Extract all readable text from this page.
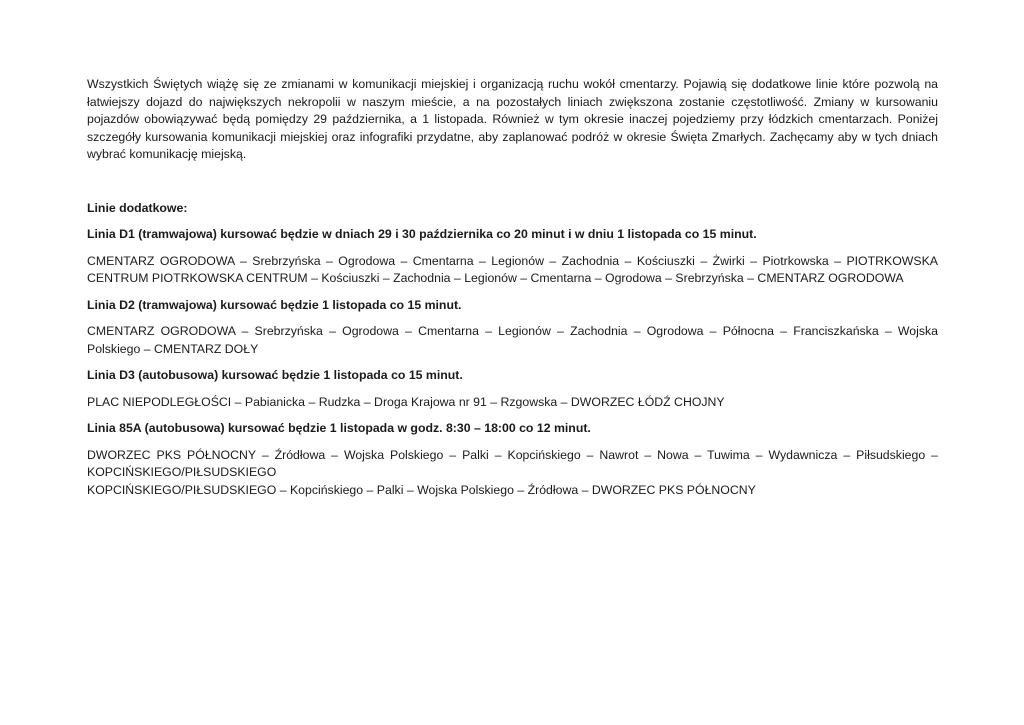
Wszystkich Świętych wiążę się ze zmianami w komunikacji miejskiej i organizacją ruchu wokół cmentarzy. Pojawią się dodatkowe linie które pozwolą na łatwiejszy dojazd do największych nekropolii w naszym mieście, a na pozostałych liniach zwiększona zostanie częstotliwość. Zmiany w kursowaniu pojazdów obowiązywać będą pomiędzy 29 października, a 1 listopada. Również w tym okresie inaczej pojedziemy przy łódzkich cmentarzach. Poniżej szczegóły kursowania komunikacji miejskiej oraz infografiki przydatne, aby zaplanować podróż w okresie Święta Zmarłych. Zachęcamy aby w tych dniach wybrać komunikację miejską.

Linie dodatkowe:

Linia D1 (tramwajowa) kursować będzie w dniach 29 i 30 października co 20 minut i w dniu 1 listopada co 15 minut.

CMENTARZ OGRODOWA – Srebrzyńska – Ogrodowa – Cmentarna – Legionów – Zachodnia – Kościuszki – Żwirki – Piotrkowska – PIOTRKOWSKA CENTRUM PIOTRKOWSKA CENTRUM – Kościuszki – Zachodnia – Legionów – Cmentarna – Ogrodowa – Srebrzyńska – CMENTARZ OGRODOWA

Linia D2 (tramwajowa) kursować będzie 1 listopada co 15 minut.

CMENTARZ OGRODOWA – Srebrzyńska – Ogrodowa – Cmentarna – Legionów – Zachodnia – Ogrodowa – Północna – Franciszkańska – Wojska Polskiego – CMENTARZ DOŁY

Linia D3 (autobusowa) kursować będzie 1 listopada co 15 minut.

PLAC NIEPODLEGŁOŚCI – Pabianicka – Rudzka – Droga Krajowa nr 91 – Rzgowska – DWORZEC ŁÓDŹ CHOJNY

Linia 85A (autobusowa) kursować będzie 1 listopada w godz. 8:30 – 18:00 co 12 minut.

DWORZEC PKS PÓŁNOCNY – Źródłowa – Wojska Polskiego – Palki – Kopcińskiego – Nawrot – Nowa – Tuwima – Wydawnicza – Piłsudskiego – KOPCIŃSKIEGO/PIŁSUDSKIEGO

KOPCIŃSKIEGO/PIŁSUDSKIEGO – Kopcińskiego – Palki – Wojska Polskiego – Źródłowa – DWORZEC PKS PÓŁNOCNY
